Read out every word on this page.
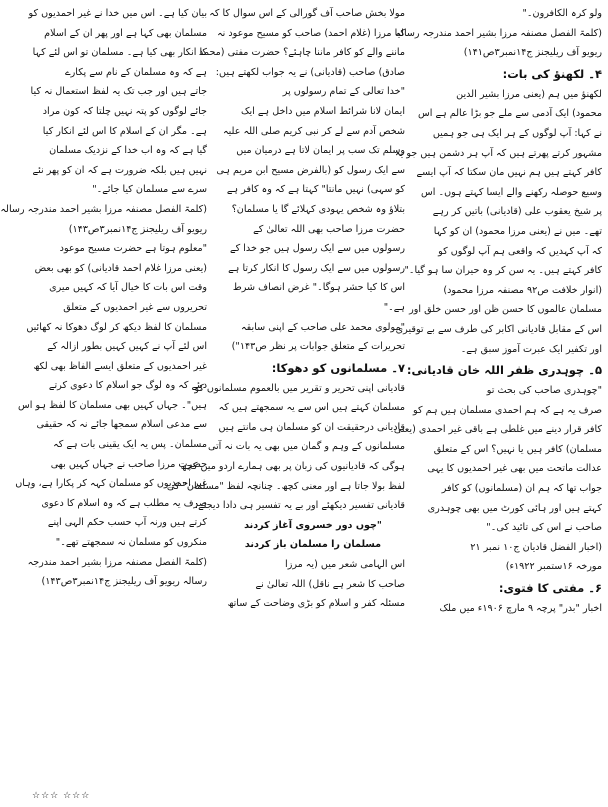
ولو کرہ الکافرون۔"
(کلمۃ الفصل مصنفہ مرزا بشیر احمد مندرجہ رسالہ
ریویو آف ریلیجنز ج۱۴نمبر۳ص۱۴۱)
۴۔ لکھنؤ کی بات:
لکھنؤ میں ہم (یعنی مرزا بشیر الدین
محمود) ایک آدمی سے ملے جو بڑا عالم ہے اس
نے کہا: آپ لوگوں کے ہر ایک ہی جو ہمیں
مشہور کرتے پھرتے ہیں کہ آپ ہر دشمن ہیں جو یہ
کافر کہتے ہیں ہم نہیں مان سکتا کہ آپ ایسے
وسیع حوصلہ رکھنے والے ایسا کہتے ہوں۔ اس
پر شیخ یعقوب علی (قادیانی) باتیں کر رہے
تھے۔ میں نے (یعنی مرزا محمود) ان کو کہا
کہ آپ کہدیں کہ واقعی ہم آپ لوگوں کو
کافر کہتے ہیں۔ یہ سن کر وہ حیران سا ہو گیا۔"
(انوار خلافت ص۹۲ مصنفہ مرزا محمود)
مسلمان عالموں کا حسن ظن اور حسن خلق اور
اس کے مقابل قادیانی اکابر کی طرف سے بے توقیری
اور تکفیر ایک عبرت آموز سبق ہے۔
۵۔ چوہدری ظفر اللہ خان قادیانی:
"چوہدری صاحب کی بحث تو
صرف یہ ہے کہ ہم احمدی مسلمان ہیں ہم کو
کافر قرار دینے میں غلطی ہے باقی غیر احمدی (یعنی
مسلمان) کافر ہیں یا نہیں؟ اس کے متعلق
عدالت ماتحت میں بھی غیر احمدیوں کا یہی
جواب تھا کہ ہم ان (مسلمانوں) کو کافر
کہتے ہیں اور ہائی کورٹ میں بھی چوہدری
صاحب نے اس کی تائید کی۔"
(اخبار الفضل قادیان ج۱۰ نمبر ۲۱
مورخہ ۱۶ستمبر ۱۹۲۲ء)
۶۔ مفتی کا فتوی:
اخبار "بدر" پرچہ ۹ مارچ ۱۹۰۶ء میں ملک
مولا بخش صاحب آف گورالی کے اس سوال کا کہ
کیا مرزا (غلام احمد) صاحب کو مسیح موعود نہ
ماننے والے کو کافر ماننا چاہئے؟ حضرت مفتی (محمد
صادق) صاحب (قادیانی) نے یہ جواب لکھتے ہیں:
"خدا تعالی کے تمام رسولوں پر
ایمان لانا شرائط اسلام میں داخل ہے ایک
شخص آدم سے لے کر نبی کریم صلی اللہ علیہ
وسلم تک سب پر ایمان لاتا ہے درمیان میں
سے ایک رسول کو (بالفرض مسیح ابن مریم ہی
کو سہی) نہیں مانتا" کہتا ہے کہ وہ کافر ہے
بتلاؤ وہ شخص یہودی کہلائے گا یا مسلمان؟
حضرت مرزا صاحب بھی اللہ تعالیٰ کے
رسولوں میں سے ایک رسول ہیں جو خدا کے
رسولوں میں سے ایک رسول کا انکار کرتا ہے
اس کا کیا حشر ہوگا۔" غرض انصاف شرط
ہے۔"
"مولوی محمد علی صاحب کے اپنی سابقہ
تحریرات کے متعلق جوابات پر نظر ص۱۴۳")
۷۔ مسلمانوں کو دھوکا:
قادیانی اپنی تحریر و تقریر میں بالعموم مسلمانوں کو
مسلمان کہتے ہیں اس سے یہ سمجھتے ہیں کہ
قادیانی درحقیقت ان کو مسلمان ہی مانتے ہیں
مسلمانوں کے وہم و گمان میں بھی یہ بات نہ آتی
ہوگی کہ قادیانیوں کی زبان پر بھی ہمارے اردو میں کچھ
لفظ بولا جاتا ہے اور معنی کچھ۔ چنانچہ لفظ "مسلمان" کی
قادیانی تفسیر دیکھئے اور بے یہ تفسیر ہی دادا دیجئے:
"چوں دور خسروی آغاز کردند
مسلمان را مسلمان باز کردند
اس الہامی شعر میں (یہ مرزا
صاحب کا شعر ہے ناقل) اللہ تعالیٰ نے
مسئلہ کفر و اسلام کو بڑی وضاحت کے ساتھ
بیان کیا ہے۔ اس میں خدا نے غیر احمدیوں کو
مسلمان بھی کہا ہے اور پھر ان کے اسلام
کا انکار بھی کیا ہے۔ مسلمان تو اس لئے کہا
ہے کہ وہ مسلمان کے نام سے پکارے
جاتے ہیں اور جب تک یہ لفظ استعمال نہ کیا
جائے لوگوں کو پتہ نہیں چلتا کہ کون مراد
ہے۔ مگر ان کے اسلام کا اس لئے انکار کیا
گیا ہے کہ وہ اب خدا کے نزدیک مسلمان
نہیں ہیں بلکہ ضرورت ہے کہ ان کو پھر نئے
سرے سے مسلمان کیا جائے۔"
(کلمۃ الفصل مصنفہ مرزا بشیر احمد مندرجہ رسالہ
ریویو آف ریلیجنز ج۱۴نمبر۳ص۱۴۳)
"معلوم ہوتا ہے حضرت مسیح موعود
(یعنی مرزا غلام احمد قادیانی) کو بھی بعض
وقت اس بات کا خیال آیا کہ کہیں میری
تحریروں سے غیر احمدیوں کے متعلق
مسلمان کا لفظ دیکھ کر لوگ دھوکا نہ کھائیں
اس لئے آپ نے کہیں کہیں بطور ازالہ کے
غیر احمدیوں کے متعلق ایسے الفاظ بھی لکھ
دیئے کہ وہ لوگ جو اسلام کا دعوی کرتے
ہیں"۔ جہاں کہیں بھی مسلمان کا لفظ ہو اس
سے مدعی اسلام سمجھا جائے نہ کہ حقیقی
مسلمان۔ پس یہ ایک یقینی بات ہے کہ
حضرت مرزا صاحب نے جہاں کہیں بھی
غیر احمدیوں کو مسلمان کہہ کر پکارا ہے، وہاں
صرف یہ مطلب ہے کہ وہ اسلام کا دعوی
کرتے ہیں ورنہ آپ حسب حکم الہی اپنے
منکروں کو مسلمان نہ سمجھتے تھے۔"
(کلمۃ الفصل مصنفہ مرزا بشیر احمد مندرجہ
رسالہ ریویو آف ریلیجنز ج۱۴نمبر۳ص۱۴۳)
☆☆☆ ☆☆☆
